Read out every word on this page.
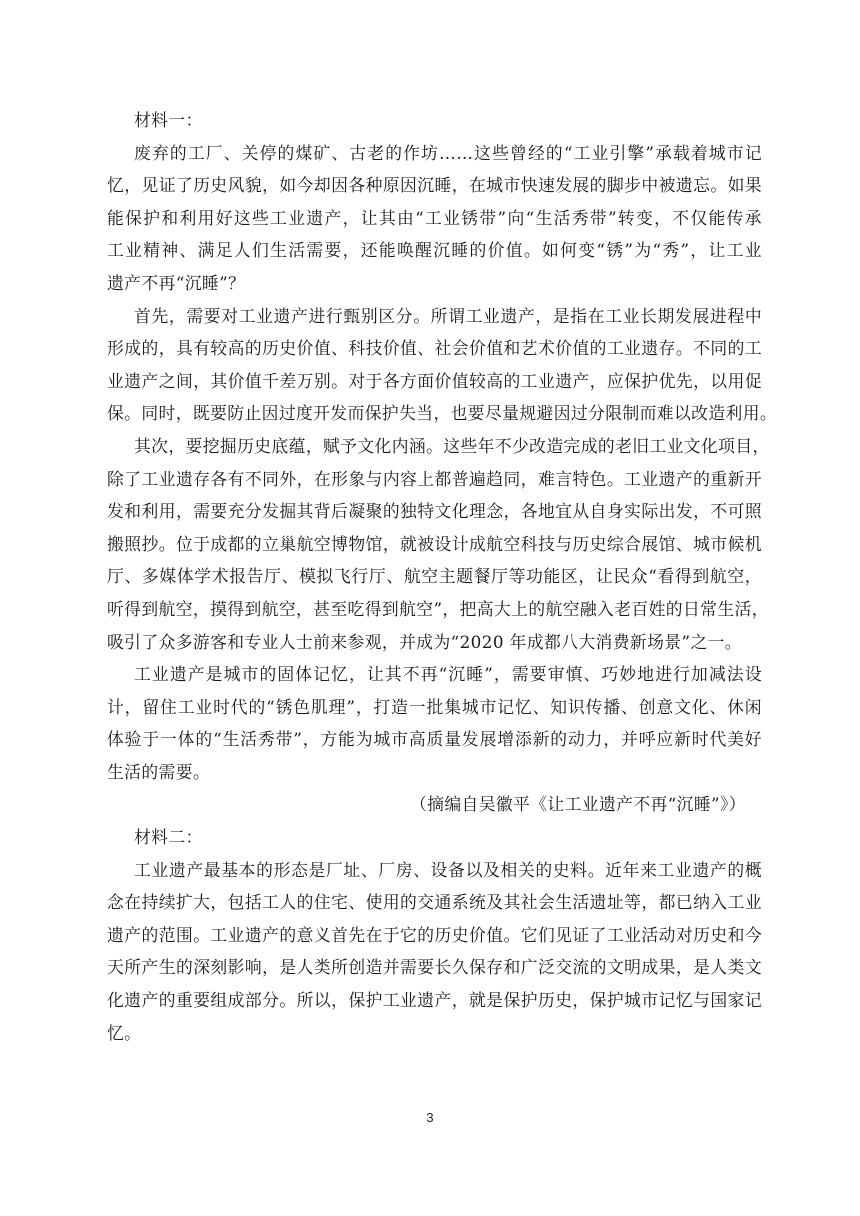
材料一：
废弃的工厂、关停的煤矿、古老的作坊……这些曾经的“工业引擎”承载着城市记
忆，见证了历史风貌，如今却因各种原因沉睡，在城市快速发展的脚步中被遗忘。如果
能保护和利用好这些工业遗产，让其由“工业锈带”向“生活秀带”转变，不仅能传承
工业精神、满足人们生活需要，还能唤醒沉睡的价值。如何变“锈”为“秀”，让工业
遗产不再“沉睡”？
首先，需要对工业遗产进行甄别区分。所谓工业遗产，是指在工业长期发展进程中
形成的，具有较高的历史价值、科技价值、社会价值和艺术价值的工业遗存。不同的工
业遗产之间，其价值千差万别。对于各方面价值较高的工业遗产，应保护优先，以用促
保。同时，既要防止因过度开发而保护失当，也要尽量规避因过分限制而难以改造利用。
其次，要挖掘历史底蕴，赋予文化内涵。这些年不少改造完成的老旧工业文化项目，
除了工业遗存各有不同外，在形象与内容上都普遍趋同，难言特色。工业遗产的重新开
发和利用，需要充分发掘其背后凝聚的独特文化理念，各地宜从自身实际出发，不可照
搬照抄。位于成都的立巢航空博物馆，就被设计成航空科技与历史综合展馆、城市候机
厅、多媒体学术报告厅、模拟飞行厅、航空主题餐厅等功能区，让民众“看得到航空，
听得到航空，摸得到航空，甚至吃得到航空”，把高大上的航空融入老百姓的日常生活，
吸引了众多游客和专业人士前来参观，并成为“2020 年成都八大消费新场景”之一。
工业遗产是城市的固体记忆，让其不再“沉睡”，需要审慎、巧妙地进行加减法设
计，留住工业时代的“锈色肌理”，打造一批集城市记忆、知识传播、创意文化、休闲
体验于一体的“生活秀带”，方能为城市高质量发展增添新的动力，并呼应新时代美好
生活的需要。
（摘编自吴徽平《让工业遗产不再“沉睡”》）
材料二：
工业遗产最基本的形态是厂址、厂房、设备以及相关的史料。近年来工业遗产的概
念在持续扩大，包括工人的住宅、使用的交通系统及其社会生活遗址等，都已纳入工业
遗产的范围。工业遗产的意义首先在于它的历史价值。它们见证了工业活动对历史和今
天所产生的深刻影响，是人类所创造并需要长久保存和广泛交流的文明成果，是人类文
化遗产的重要组成部分。所以，保护工业遗产，就是保护历史，保护城市记忆与国家记
忆。
3
